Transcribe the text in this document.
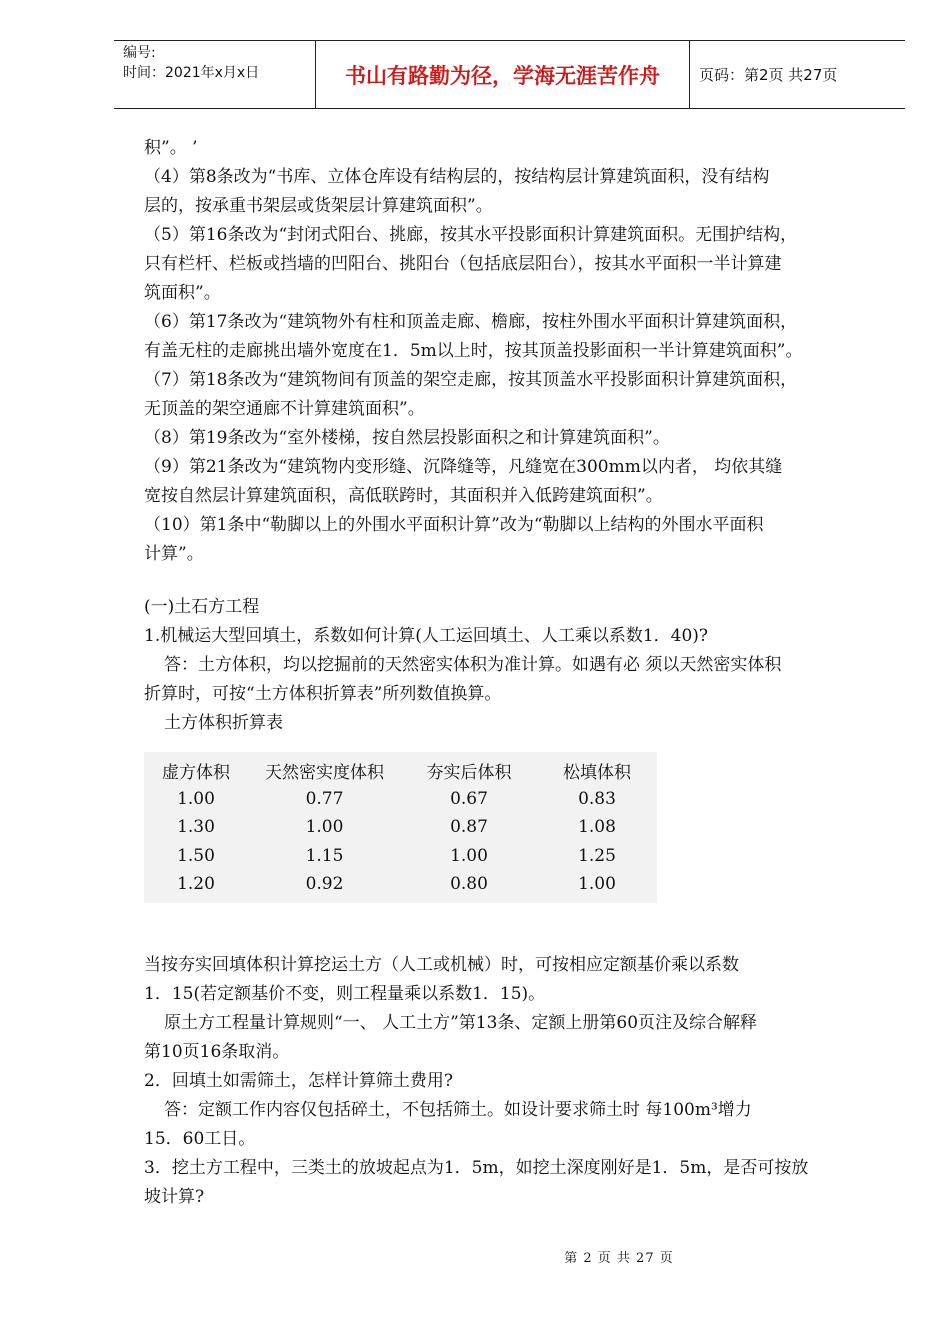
编号:
时间：2021年x月x日	书山有路勤为径，学海无涯苦作舟	页码：第2页 共27页
积”。 ’
（4）第8条改为“书库、立体仓库设有结构层的，按结构层计算建筑面积，没有结构
层的，按承重书架层或货架层计算建筑面积”。
（5）第16条改为“封闭式阳台、挑廊，按其水平投影面积计算建筑面积。无围护结构，
只有栏杆、栏板或挡墙的凹阳台、挑阳台（包括底层阳台），按其水平面积一半计算建
筑面积”。
（6）第17条改为“建筑物外有柱和顶盖走廊、檐廊，按柱外围水平面积计算建筑面积，
有盖无柱的走廊挑出墙外宽度在1．5m以上时，按其顶盖投影面积一半计算建筑面积”。
（7）第18条改为“建筑物间有顶盖的架空走廊，按其顶盖水平投影面积计算建筑面积，
无顶盖的架空通廊不计算建筑面积”。
（8）第19条改为“室外楼梯，按自然层投影面积之和计算建筑面积”。
（9）第21条改为“建筑物内变形缝、沉降缝等，凡缝宽在300mm以内者， 均依其缝
宽按自然层计算建筑面积，高低联跨时，其面积并入低跨建筑面积”。
（10）第1条中“勒脚以上的外围水平面积计算”改为“勒脚以上结构的外围水平面积
计算”。
(一)土石方工程
1.机械运大型回填土，系数如何计算(人工运回填土、人工乘以系数1．40)?
答：土方体积，均以挖掘前的天然密实体积为准计算。如遇有必 须以天然密实体积
折算时，可按“土方体积折算表”所列数值换算。
土方体积折算表
虚方体积	天然密实度体积	夯实后体积	松填体积
1.00	0.77	0.67	0.83
1.30	1.00	0.87	1.08
1.50	1.15	1.00	1.25
1.20	0.92	0.80	1.00
当按夯实回填体积计算挖运土方（人工或机械）时，可按相应定额基价乘以系数
1．15(若定额基价不变，则工程量乘以系数1．15)。
原土方工程量计算规则“一、 人工土方”第13条、定额上册第60页注及综合解释
第10页16条取消。
2．回填土如需筛土，怎样计算筛土费用?
答：定额工作内容仅包括碎土，不包括筛土。如设计要求筛土时 每100m³增力
15．60工日。
3．挖土方工程中，三类土的放坡起点为1．5m，如挖土深度刚好是1．5m，是否可按放
坡计算?
第 2 页 共 27 页
